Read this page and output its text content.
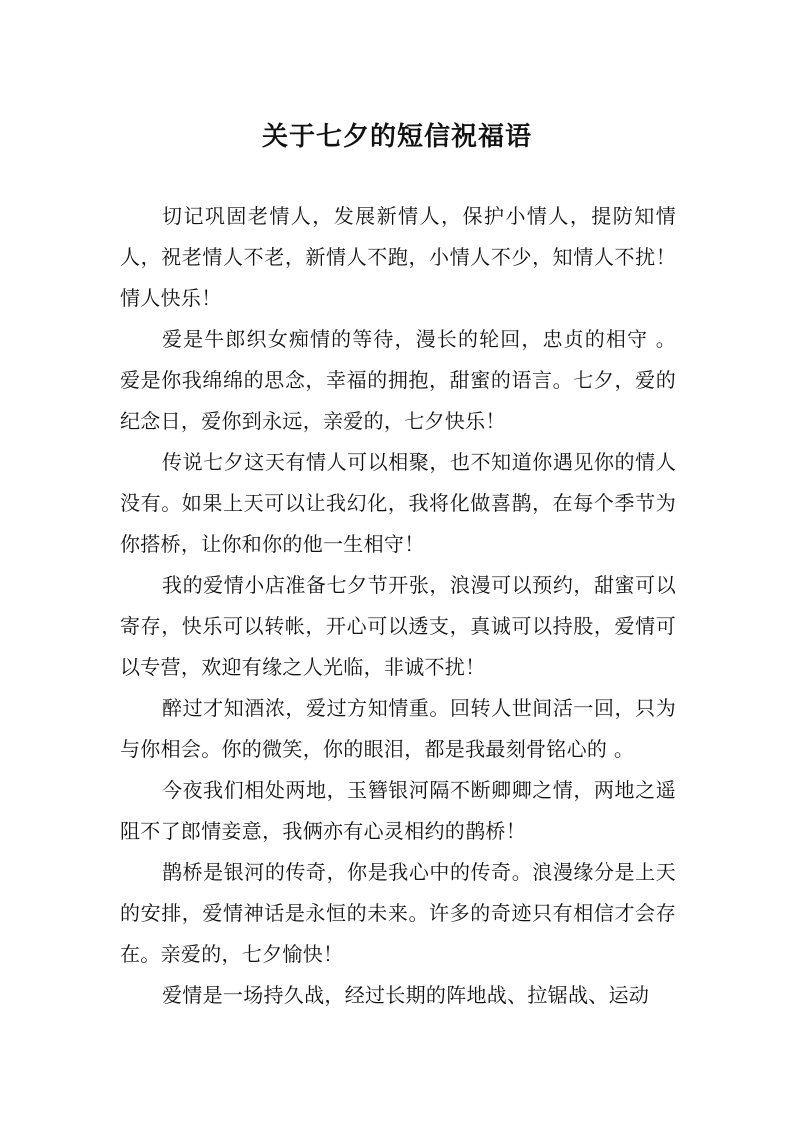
关于七夕的短信祝福语

切记巩固老情人，发展新情人，保护小情人，提防知情人，祝老情人不老，新情人不跑，小情人不少，知情人不扰！情人快乐！

爱是牛郎织女痴情的等待，漫长的轮回，忠贞的相守 。爱是你我绵绵的思念，幸福的拥抱，甜蜜的语言。七夕，爱的纪念日，爱你到永远，亲爱的，七夕快乐！

传说七夕这天有情人可以相聚，也不知道你遇见你的情人没有。如果上天可以让我幻化，我将化做喜鹊，在每个季节为你搭桥，让你和你的他一生相守！

我的爱情小店准备七夕节开张，浪漫可以预约，甜蜜可以寄存，快乐可以转帐，开心可以透支，真诚可以持股，爱情可以专营，欢迎有缘之人光临，非诚不扰！

醉过才知酒浓，爱过方知情重。回转人世间活一回，只为与你相会。你的微笑，你的眼泪，都是我最刻骨铭心的 。

今夜我们相处两地，玉簪银河隔不断卿卿之情，两地之遥阻不了郎情妾意，我俩亦有心灵相约的鹊桥！

鹊桥是银河的传奇，你是我心中的传奇。浪漫缘分是上天的安排，爱情神话是永恒的未来。许多的奇迹只有相信才会存在。亲爱的，七夕愉快！

爱情是一场持久战，经过长期的阵地战、拉锯战、运动
